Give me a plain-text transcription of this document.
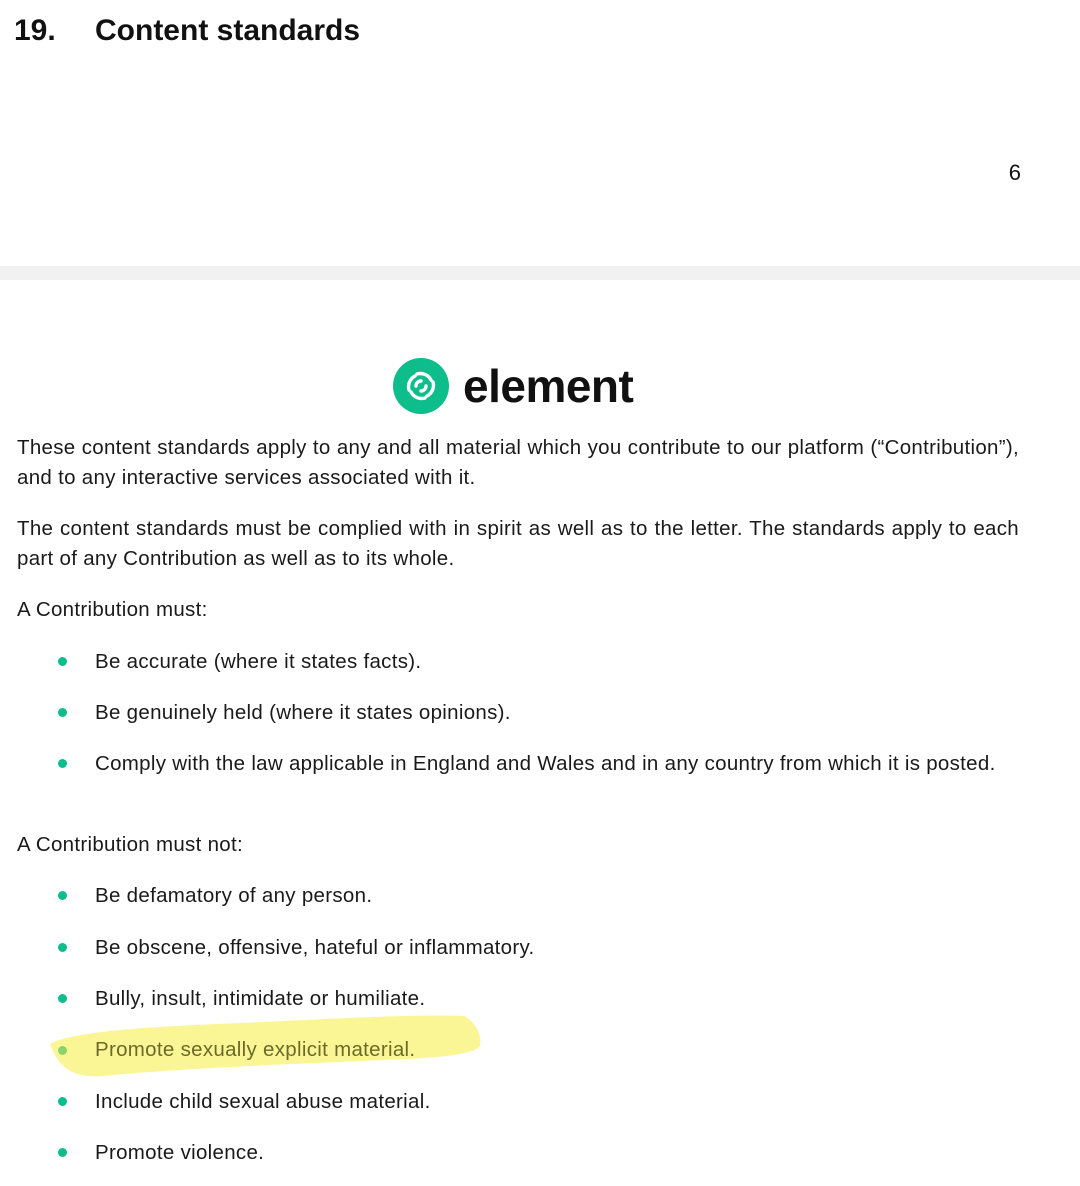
19. Content standards
6
element
These content standards apply to any and all material which you contribute to our platform (“Contribution”), and to any interactive services associated with it.
The content standards must be complied with in spirit as well as to the letter. The standards apply to each part of any Contribution as well as to its whole.
A Contribution must:
Be accurate (where it states facts).
Be genuinely held (where it states opinions).
Comply with the law applicable in England and Wales and in any country from which it is posted.
A Contribution must not:
Be defamatory of any person.
Be obscene, offensive, hateful or inflammatory.
Bully, insult, intimidate or humiliate.
Promote sexually explicit material.
Include child sexual abuse material.
Promote violence.
